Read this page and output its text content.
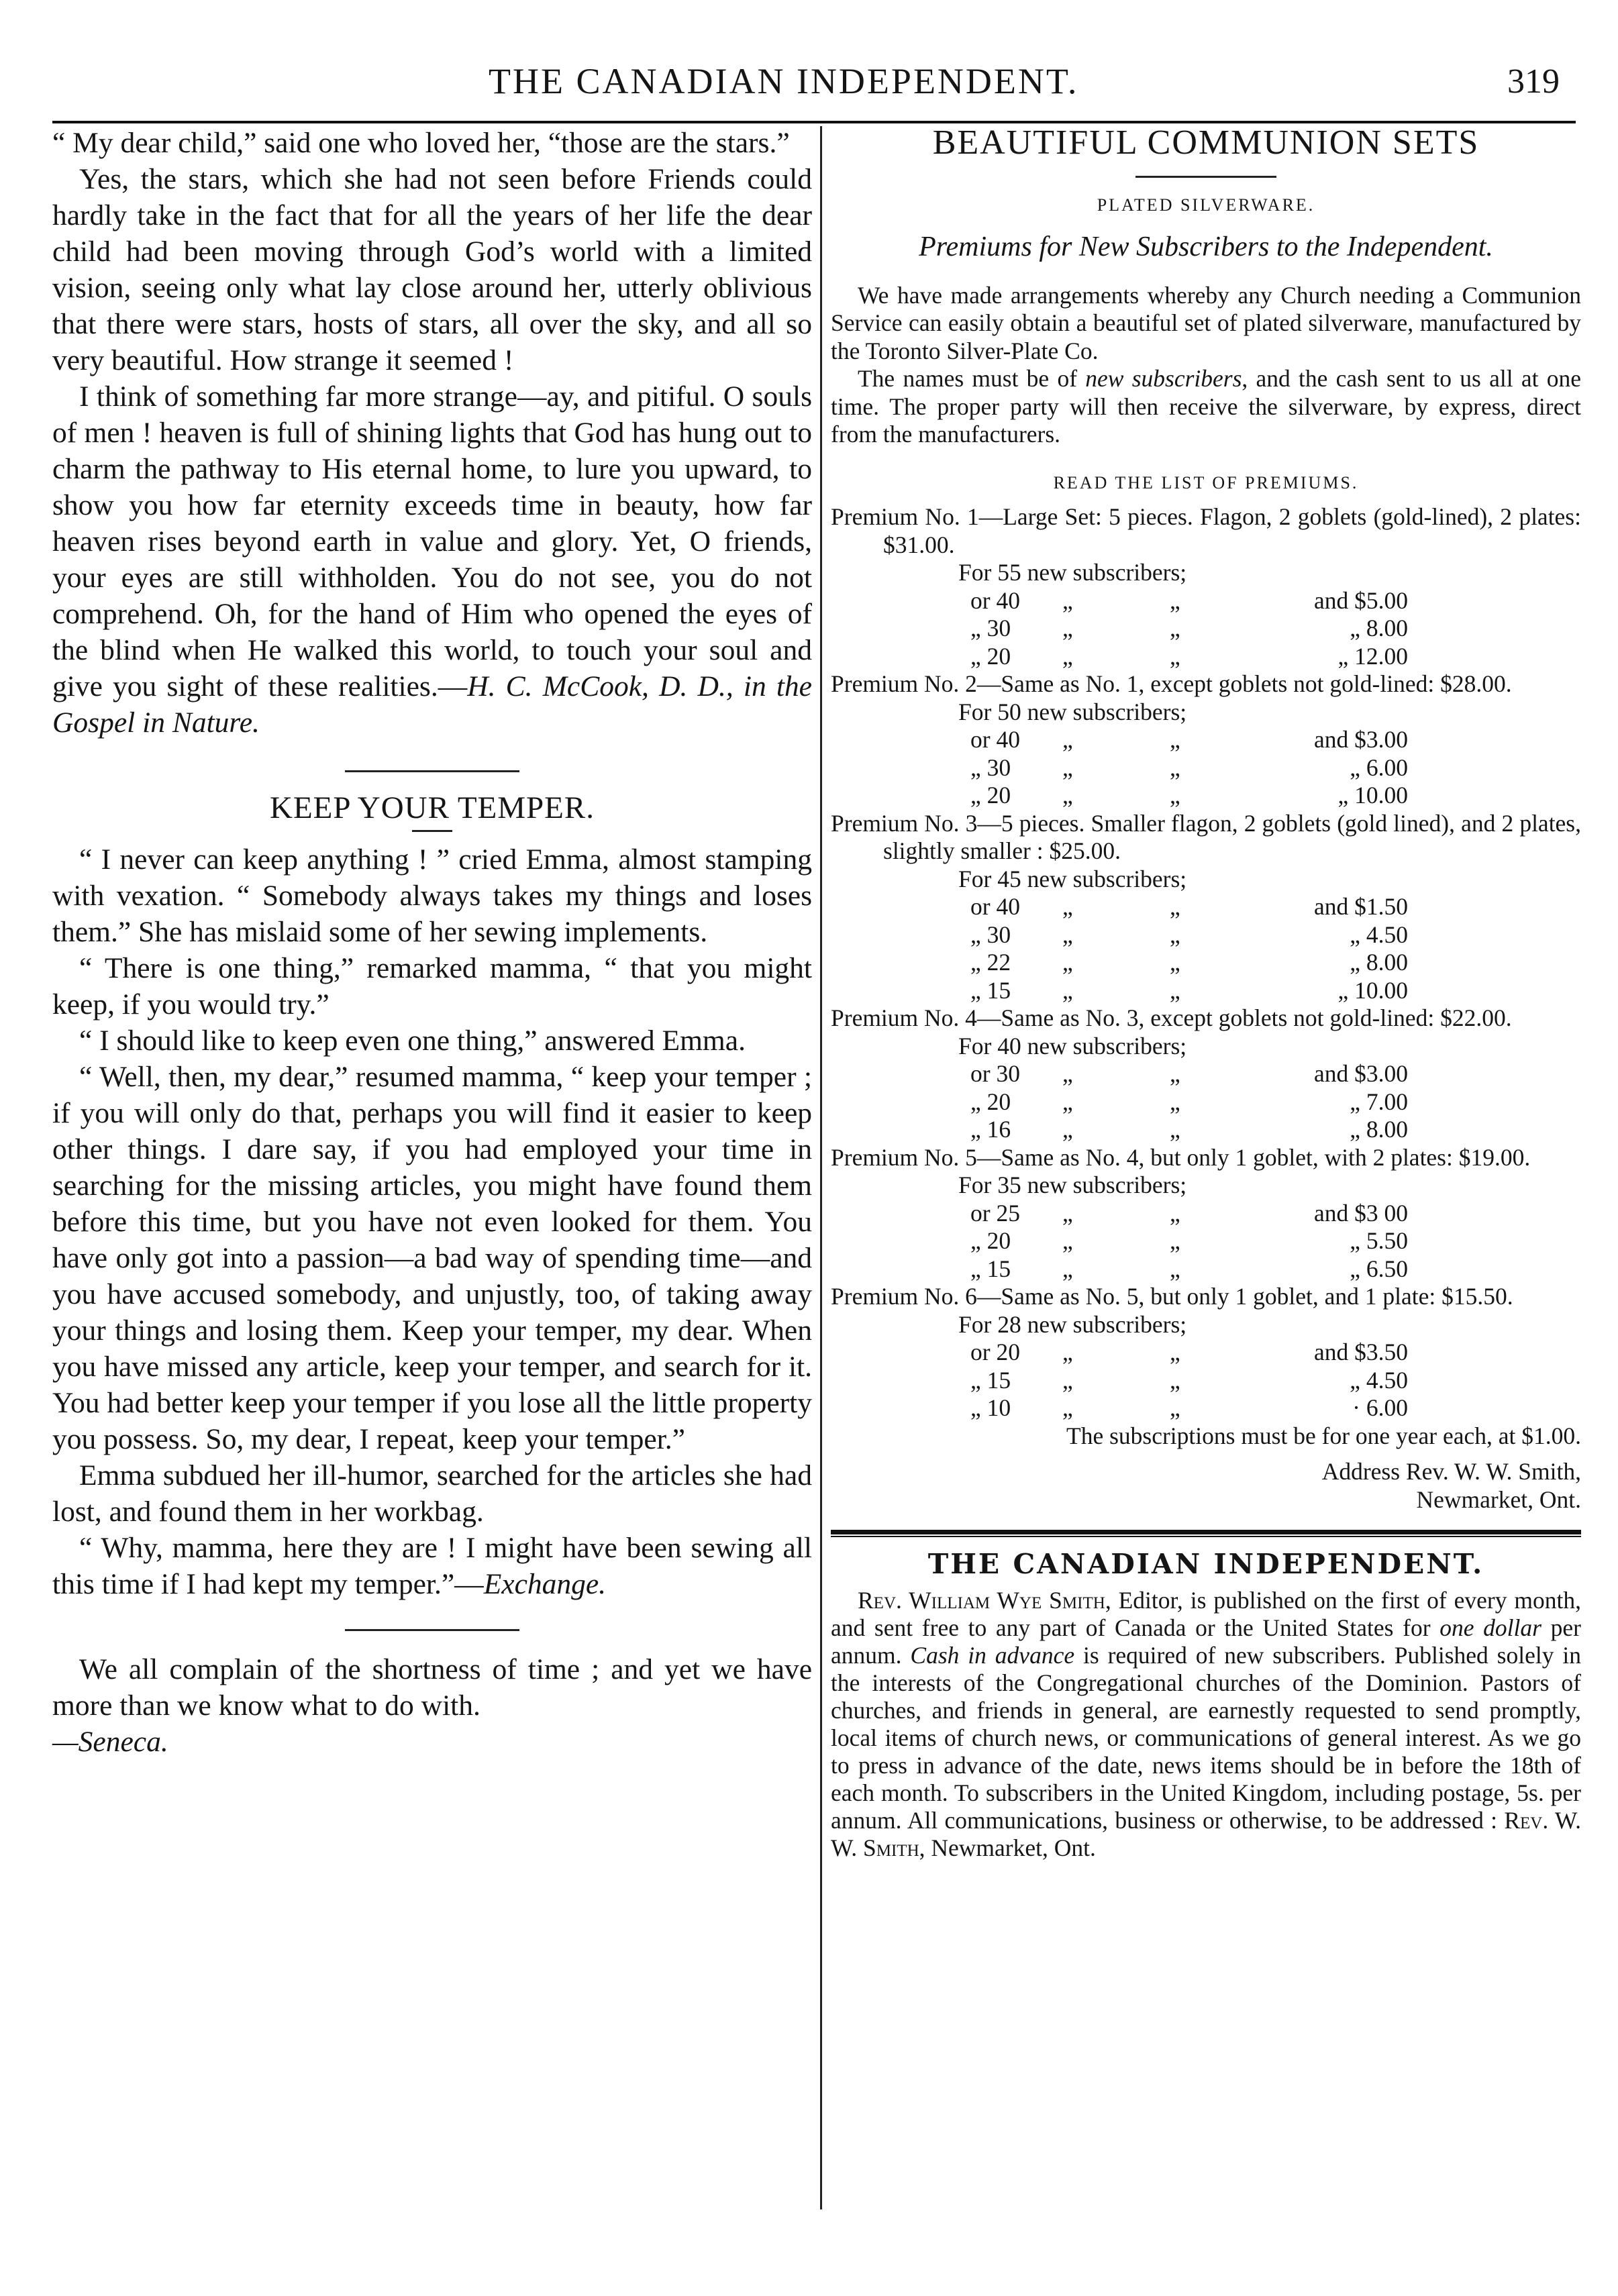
THE CANADIAN INDEPENDENT.	319

“ My dear child,” said one who loved her, “those are the stars.”

Yes, the stars, which she had not seen before Friends could hardly take in the fact that for all the years of her life the dear child had been moving through God’s world with a limited vision, seeing only what lay close around her, utterly oblivious that there were stars, hosts of stars, all over the sky, and all so very beautiful. How strange it seemed !

I think of something far more strange—ay, and pitiful. O souls of men ! heaven is full of shining lights that God has hung out to charm the pathway to His eternal home, to lure you upward, to show you how far eternity exceeds time in beauty, how far heaven rises beyond earth in value and glory. Yet, O friends, your eyes are still withholden. You do not see, you do not comprehend. Oh, for the hand of Him who opened the eyes of the blind when He walked this world, to touch your soul and give you sight of these realities.—H. C. McCook, D. D., in the Gospel in Nature.

KEEP YOUR TEMPER.

“ I never can keep anything ! ” cried Emma, almost stamping with vexation. “ Somebody always takes my things and loses them.” She has mislaid some of her sewing implements.

“ There is one thing,” remarked mamma, “ that you might keep, if you would try.”

“ I should like to keep even one thing,” answered Emma.

“ Well, then, my dear,” resumed mamma, “ keep your temper ; if you will only do that, perhaps you will find it easier to keep other things. I dare say, if you had employed your time in searching for the missing articles, you might have found them before this time, but you have not even looked for them. You have only got into a passion—a bad way of spending time—and you have accused somebody, and unjustly, too, of taking away your things and losing them. Keep your temper, my dear. When you have missed any article, keep your temper, and search for it. You had better keep your temper if you lose all the little property you possess. So, my dear, I repeat, keep your temper.”

Emma subdued her ill-humor, searched for the articles she had lost, and found them in her workbag.

“ Why, mamma, here they are ! I might have been sewing all this time if I had kept my temper.”—Exchange.

We all complain of the shortness of time ; and yet we have more than we know what to do with.

—Seneca.

BEAUTIFUL COMMUNION SETS
PLATED SILVERWARE.
Premiums for New Subscribers to the Independent.

We have made arrangements whereby any Church needing a Communion Service can easily obtain a beautiful set of plated silverware, manufactured by the Toronto Silver-Plate Co.

The names must be of new subscribers, and the cash sent to us all at one time. The proper party will then receive the silverware, by express, direct from the manufacturers.

READ THE LIST OF PREMIUMS.

Premium No. 1—Large Set: 5 pieces. Flagon, 2 goblets (gold-lined), 2 plates: $31.00.

For 55 new subscribers;

or 40	„	„	and $5.00
„ 30	„	„	„ 8.00
„ 20	„	„	„ 12.00

Premium No. 2—Same as No. 1, except goblets not gold-lined: $28.00.

For 50 new subscribers;

or 40	„	„	and $3.00
„ 30	„	„	„ 6.00
„ 20	„	„	„ 10.00

Premium No. 3—5 pieces. Smaller flagon, 2 goblets (gold lined), and 2 plates, slightly smaller : $25.00.

For 45 new subscribers;

or 40	„	„	and $1.50
„ 30	„	„	„ 4.50
„ 22	„	„	„ 8.00
„ 15	„	„	„ 10.00

Premium No. 4—Same as No. 3, except goblets not gold-lined: $22.00.

For 40 new subscribers;

or 30	„	„	and $3.00
„ 20	„	„	„ 7.00
„ 16	„	„	„ 8.00

Premium No. 5—Same as No. 4, but only 1 goblet, with 2 plates: $19.00.

For 35 new subscribers;

or 25	„	„	and $3 00
„ 20	„	„	„ 5.50
„ 15	„	„	„ 6.50

Premium No. 6—Same as No. 5, but only 1 goblet, and 1 plate: $15.50.

For 28 new subscribers;

or 20	„	„	and $3.50
„ 15	„	„	„ 4.50
„ 10	„	„	· 6.00

The subscriptions must be for one year each, at $1.00.

Address Rev. W. W. Smith,

Newmarket, Ont.

THE CANADIAN INDEPENDENT.

Rev. William Wye Smith, Editor, is published on the first of every month, and sent free to any part of Canada or the United States for one dollar per annum. Cash in advance is required of new subscribers. Published solely in the interests of the Congregational churches of the Dominion. Pastors of churches, and friends in general, are earnestly requested to send promptly, local items of church news, or communications of general interest. As we go to press in advance of the date, news items should be in before the 18th of each month. To subscribers in the United Kingdom, including postage, 5s. per annum. All communications, business or otherwise, to be addressed : Rev. W. W. Smith, Newmarket, Ont.
